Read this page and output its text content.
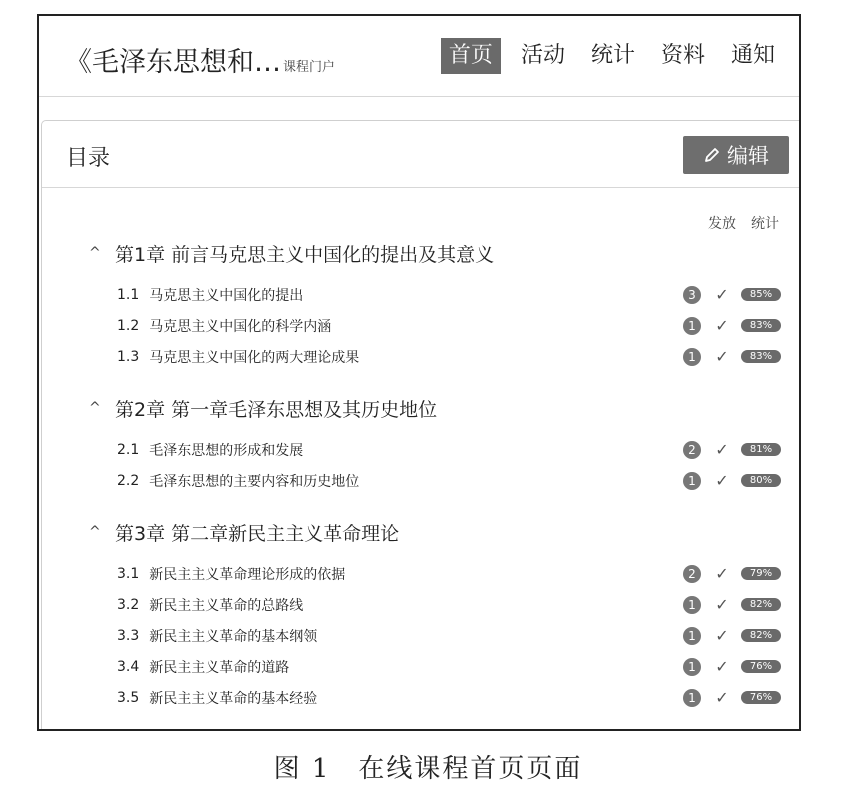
《毛泽东思想和… 课程门户	首页	活动 统计 资料 通知
目录	编辑
发放 统计
^ 第1章 前言马克思主义中国化的提出及其意义
1.1 马克思主义中国化的提出	3	✓	85%
1.2 马克思主义中国化的科学内涵	1	✓	83%
1.3 马克思主义中国化的两大理论成果	1	✓	83%
^ 第2章 第一章毛泽东思想及其历史地位
2.1 毛泽东思想的形成和发展	2	✓	81%
2.2 毛泽东思想的主要内容和历史地位	1	✓	80%
^ 第3章 第二章新民主主义革命理论
3.1 新民主主义革命理论形成的依据	2	✓	79%
3.2 新民主主义革命的总路线	1	✓	82%
3.3 新民主主义革命的基本纲领	1	✓	82%
3.4 新民主主义革命的道路	1	✓	76%
3.5 新民主主义革命的基本经验	1	✓	76%
图 1　在线课程首页页面
